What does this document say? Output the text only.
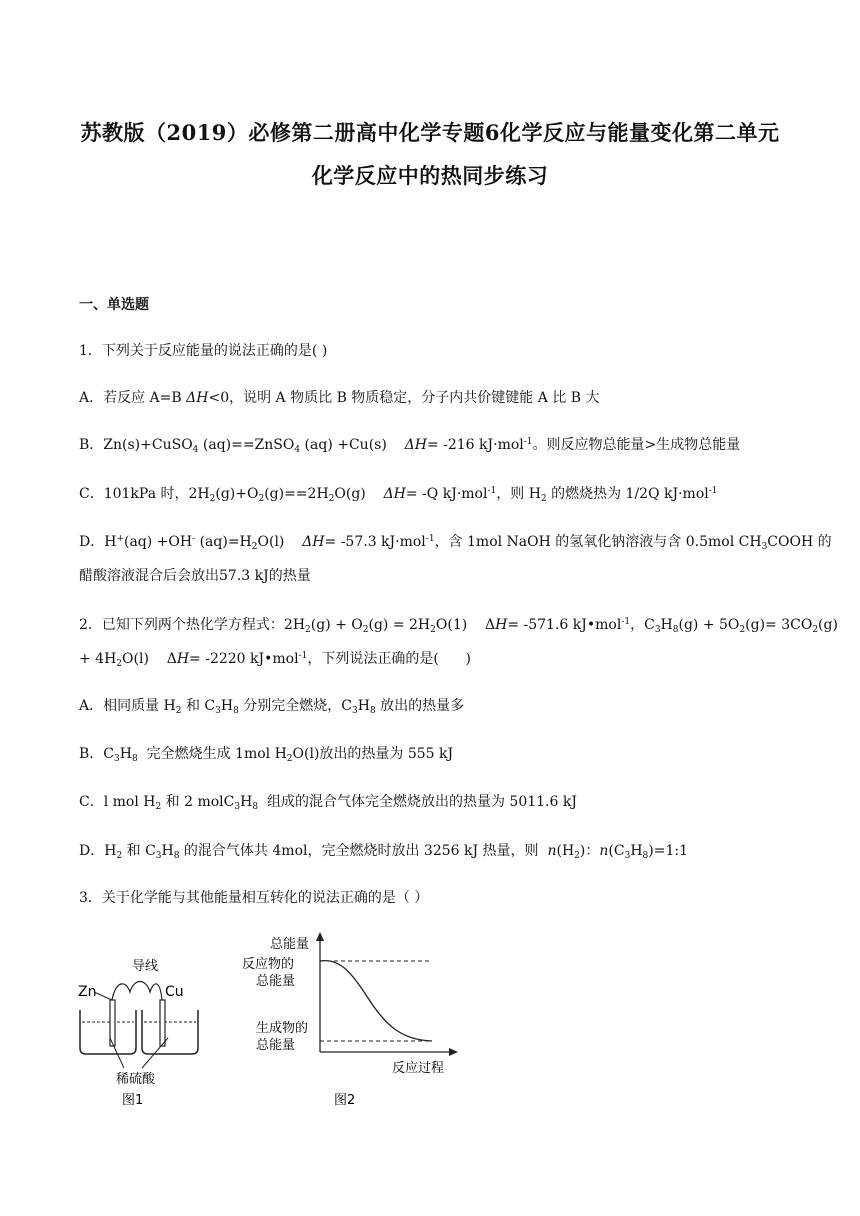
苏教版（2019）必修第二册高中化学专题6化学反应与能量变化第二单元
化学反应中的热同步练习
一、单选题
1．下列关于反应能量的说法正确的是( )
A．若反应 A=B ΔH<0，说明 A 物质比 B 物质稳定，分子内共价键键能 A 比 B 大
B．Zn(s)+CuSO$_4$ (aq)==ZnSO$_4$ (aq) +Cu(s)    ΔH= -216 kJ·mol$^{-1}$。则反应物总能量>生成物总能量
C．101kPa 时，$2H_2(g)+O_2(g)==2H_2O(g)$    ΔH= -Q kJ·mol$^{-1}$，则 $H_2$ 的燃烧热为 1/2Q kJ·mol$^{-1}$
D．H+(aq) +OH- $(aq)=H_2O(l)$    ΔH= -57.3 kJ·mol$^{-1}$，含 1mol NaOH 的氢氧化钠溶液与含 0.5mol $CH_3COOH$ 的
醋酸溶液混合后会放出57.3 kJ的热量
2．已知下列两个热化学方程式：$2H_2(g) + O_2(g) = 2H_2O(1)$    ΔH= -571.6 kJ•mol$^{-1}$，$C_3H_8(g) + 5O_2(g)= 3CO_2(g)$
+ $4H_2O(l)$    ΔH= -2220 kJ•mol$^{-1}$，下列说法正确的是(      )
A．相同质量 $H_2$ 和 $C_3H_8$ 分别完全燃烧，$C_3H_8$ 放出的热量多
B．$C_3H_8$  完全燃烧生成 1mol $H_2O(l)$放出的热量为 555 kJ
C．l mol $H_2$ 和 2 $molC_3H_8$  组成的混合气体完全燃烧放出的热量为 5011.6 kJ
D．$H_2$ 和 $C_3H_8$ 的混合气体共 4mol，完全燃烧时放出 3256 kJ 热量，则  $n(H_2)$：$n(C_3H_8)=1:1$
3．关于化学能与其他能量相互转化的说法正确的是（ ）
导线
Zn	Cu
稀硫酸
图1
总能量
反应物的
总能量
生成物的
总能量
反应过程
图2
